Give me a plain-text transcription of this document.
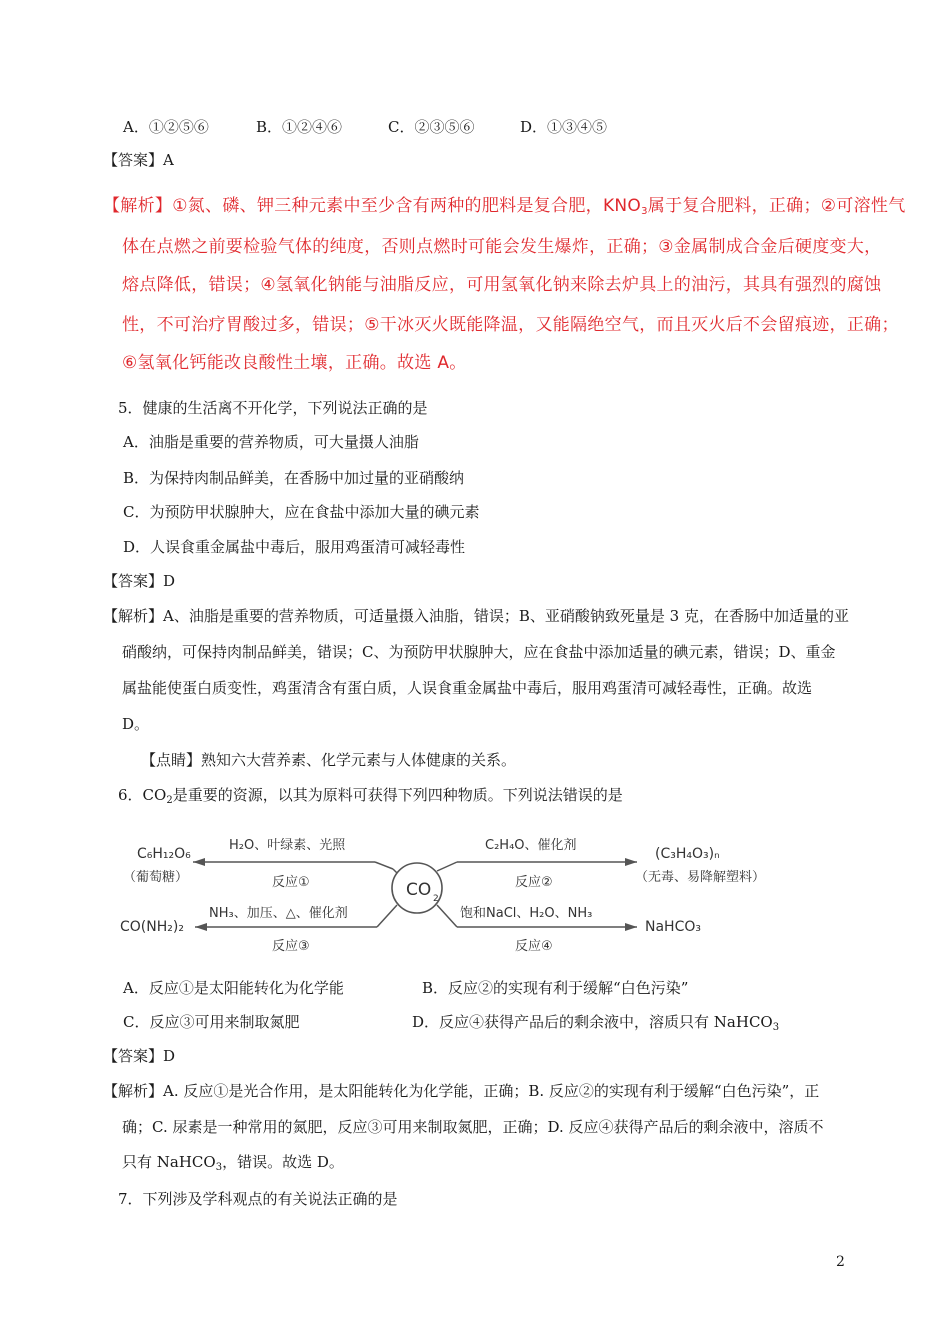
A．①②⑤⑥	B．①②④⑥	C．②③⑤⑥	D．①③④⑤
【答案】A
【解析】①氮、磷、钾三种元素中至少含有两种的肥料是复合肥，$KNO_3$属于复合肥料，正确；②可溶性气
体在点燃之前要检验气体的纯度，否则点燃时可能会发生爆炸，正确；③金属制成合金后硬度变大，
熔点降低，错误；④氢氧化钠能与油脂反应，可用氢氧化钠来除去炉具上的油污，其具有强烈的腐蚀
性，不可治疗胃酸过多，错误；⑤干冰灭火既能降温，又能隔绝空气，而且灭火后不会留痕迹，正确；
⑥氢氧化钙能改良酸性土壤，正确。故选 A。
5．健康的生活离不开化学，下列说法正确的是
A．油脂是重要的营养物质，可大量摄人油脂
B．为保持肉制品鲜美，在香肠中加过量的亚硝酸纳
C．为预防甲状腺肿大，应在食盐中添加大量的碘元素
D．人误食重金属盐中毒后，服用鸡蛋清可减轻毒性
【答案】D
【解析】A、油脂是重要的营养物质，可适量摄入油脂，错误；B、亚硝酸钠致死量是 3 克，在香肠中加适量的亚
硝酸纳，可保持肉制品鲜美，错误；C、为预防甲状腺肿大，应在食盐中添加适量的碘元素，错误；D、重金
属盐能使蛋白质变性，鸡蛋清含有蛋白质，人误食重金属盐中毒后，服用鸡蛋清可减轻毒性，正确。故选
D。
【点睛】熟知六大营养素、化学元素与人体健康的关系。
6．$CO_2$是重要的资源，以其为原料可获得下列四种物质。下列说法错误的是
CO 2
H₂O、叶绿素、光照
反应①
C₆H₁₂O₆
（葡萄糖）
C₂H₄O、催化剂
反应②
(C₃H₄O₃)ₙ
（无毒、易降解塑料）
NH₃、加压、△、催化剂
反应③
CO(NH₂)₂
饱和NaCl、H₂O、NH₃
反应④
NaHCO₃
A．反应①是太阳能转化为化学能	B．反应②的实现有利于缓解“白色污染”
C．反应③可用来制取氮肥	D．反应④获得产品后的剩余液中，溶质只有 NaHCO$_3$
【答案】D
【解析】A. 反应①是光合作用，是太阳能转化为化学能，正确；B. 反应②的实现有利于缓解“白色污染”，正
确；C. 尿素是一种常用的氮肥，反应③可用来制取氮肥，正确；D. 反应④获得产品后的剩余液中，溶质不
只有 NaHCO$_3$，错误。故选 D。
7．下列涉及学科观点的有关说法正确的是
2
